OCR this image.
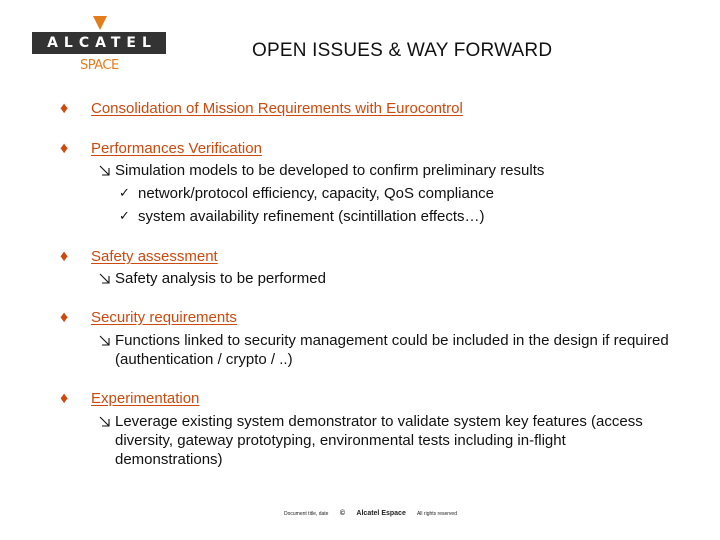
ALCATEL
SPACE
OPEN ISSUES & WAY FORWARD
♦	Consolidation of Mission Requirements with Eurocontrol
♦	Performances Verification
Simulation models to be developed to confirm preliminary results
✓ network/protocol efficiency, capacity, QoS compliance
✓ system availability refinement (scintillation effects…)
♦	Safety assessment
Safety analysis to be performed
♦	Security requirements
Functions linked to security management could be included in the design if required (authentication / crypto / ..)
♦	Experimentation
Leverage existing system demonstrator to validate system key features (access diversity, gateway prototyping, environmental tests including in-flight demonstrations)
Document title, date © Alcatel Espace All rights reserved
